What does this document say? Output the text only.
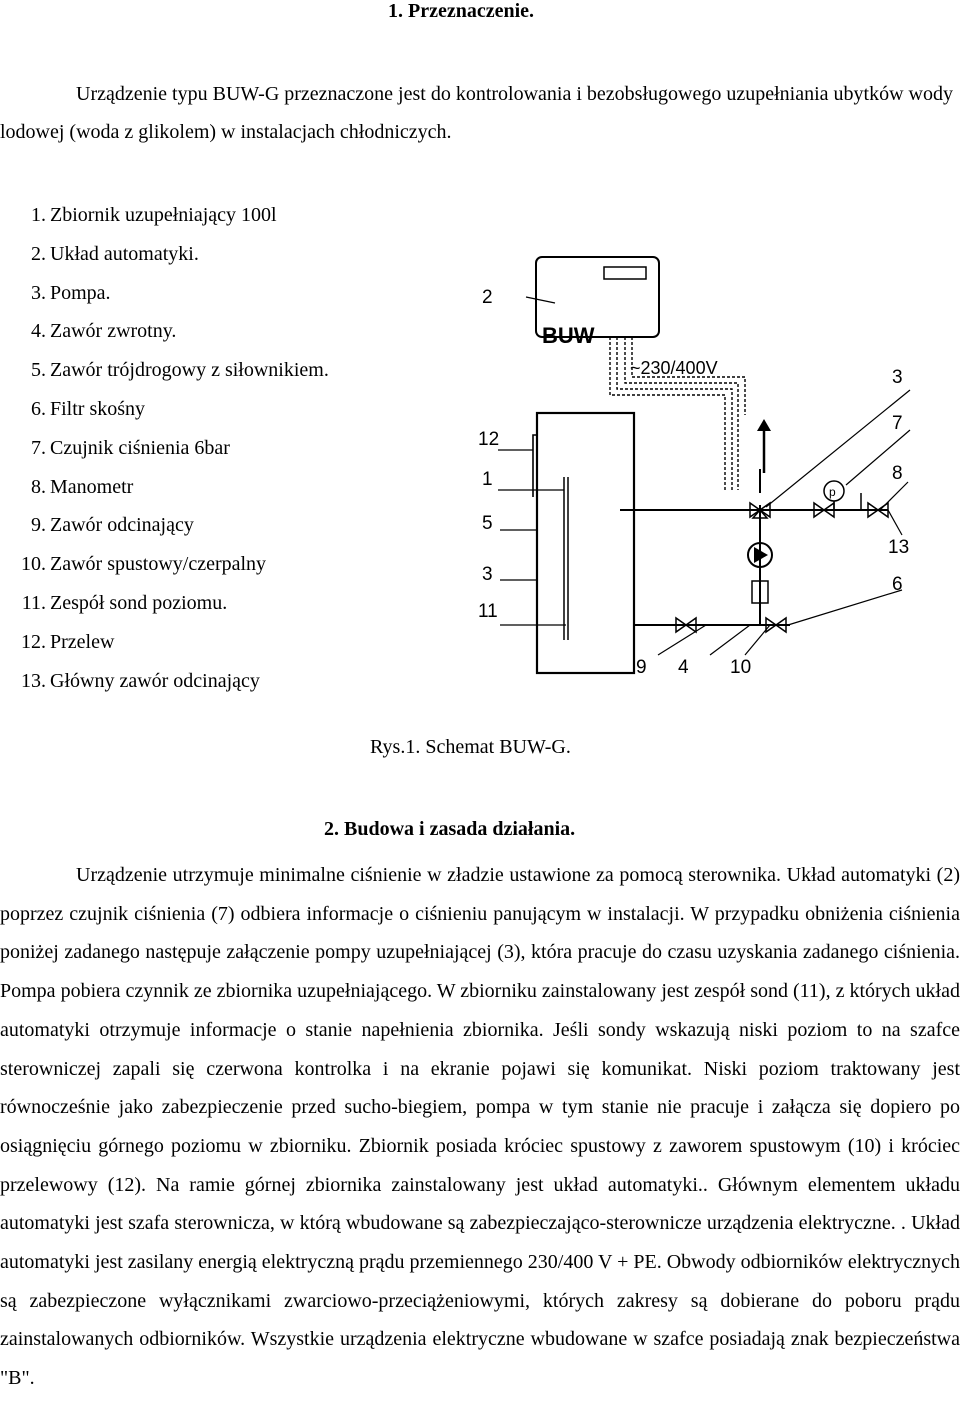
1. Przeznaczenie.

Urządzenie typu BUW-G przeznaczone jest do kontrolowania i bezobsługowego uzupełniania ubytków wody lodowej (woda z glikolem) w instalacjach chłodniczych.

1. Zbiornik uzupełniający 100l
2. Układ automatyki.
3. Pompa.
4. Zawór zwrotny.
5. Zawór trójdrogowy z siłownikiem.
6. Filtr skośny
7. Czujnik ciśnienia 6bar
8. Manometr
9. Zawór odcinający
10. Zawór spustowy/czerpalny
11. Zespół sond poziomu.
12. Przelew
13. Główny zawór odcinający
BUW
~230/400V
p
2
12
1
5
3
11
3
7
8
13
6
9 4 10
Rys.1. Schemat BUW-G.
2. Budowa i zasada działania.

Urządzenie utrzymuje minimalne ciśnienie w zładzie ustawione za pomocą sterownika. Układ automatyki (2) poprzez czujnik ciśnienia (7) odbiera informacje o ciśnieniu panującym w instalacji. W przypadku obniżenia ciśnienia poniżej zadanego następuje załączenie pompy uzupełniającej (3), która pracuje do czasu uzyskania zadanego ciśnienia. Pompa pobiera czynnik ze zbiornika uzupełniającego. W zbiorniku zainstalowany jest zespół sond (11), z których układ automatyki otrzymuje informacje o stanie napełnienia zbiornika. Jeśli sondy wskazują niski poziom to na szafce sterowniczej zapali się czerwona kontrolka i na ekranie pojawi się komunikat. Niski poziom traktowany jest równocześnie jako zabezpieczenie przed sucho-biegiem, pompa w tym stanie nie pracuje i załącza się dopiero po osiągnięciu górnego poziomu w zbiorniku. Zbiornik posiada króciec spustowy z zaworem spustowym (10) i króciec przelewowy (12). Na ramie górnej zbiornika zainstalowany jest układ automatyki.. Głównym elementem układu automatyki jest szafa sterownicza, w którą wbudowane są zabezpieczająco-sterownicze urządzenia elektryczne. . Układ automatyki jest zasilany energią elektryczną prądu przemiennego 230/400 V + PE. Obwody odbiorników elektrycznych są zabezpieczone wyłącznikami zwarciowo-przeciążeniowymi, których zakresy są dobierane do poboru prądu zainstalowanych odbiorników. Wszystkie urządzenia elektryczne wbudowane w szafce posiadają znak bezpieczeństwa "B".
